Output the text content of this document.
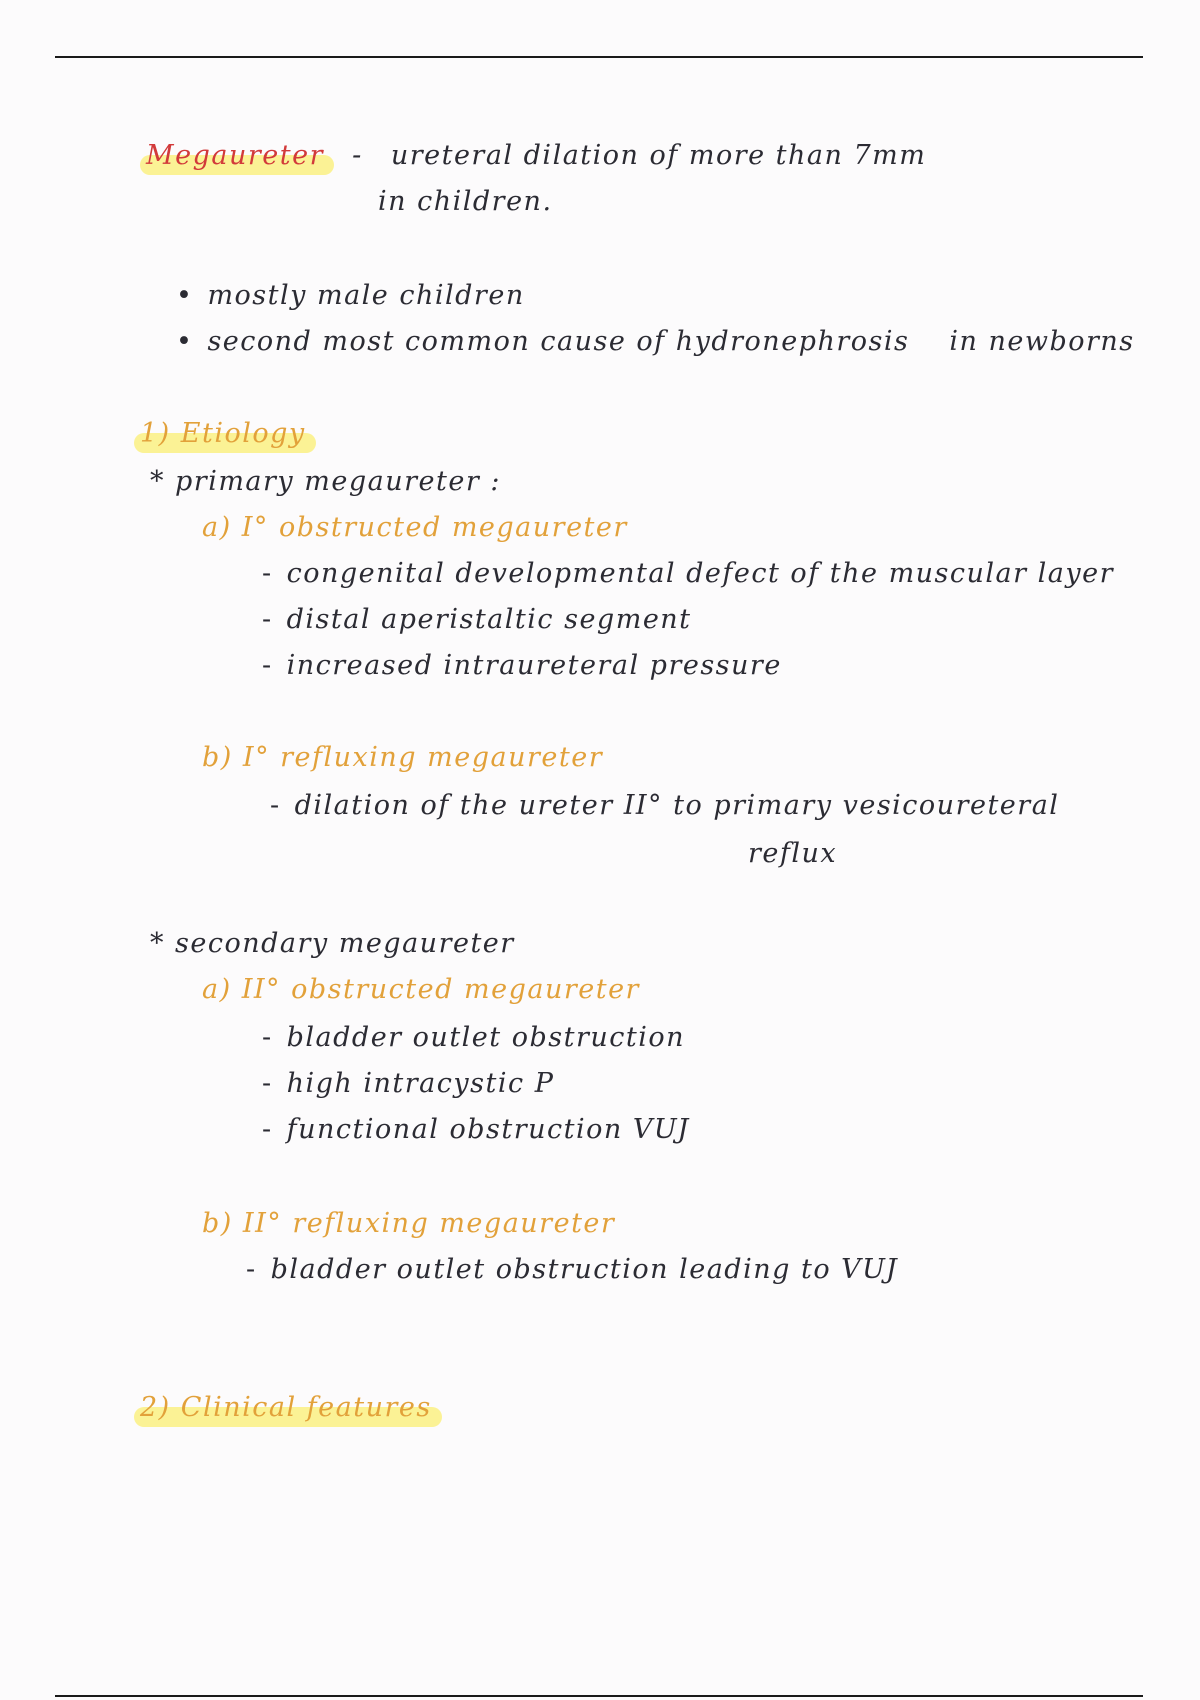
Megaureter - ureteral dilation of more than 7mm
in children.
• mostly male children
• second most common cause of hydronephrosis in newborns
1) Etiology
* primary megaureter :
a) I° obstructed megaureter
- congenital developmental defect of the muscular layer
- distal aperistaltic segment
- increased intraureteral pressure
b) I° refluxing megaureter
- dilation of the ureter II° to primary vesicoureteral
reflux
* secondary megaureter
a) II° obstructed megaureter
- bladder outlet obstruction
- high intracystic P
- functional obstruction VUJ
b) II° refluxing megaureter
- bladder outlet obstruction leading to VUJ
2) Clinical features
